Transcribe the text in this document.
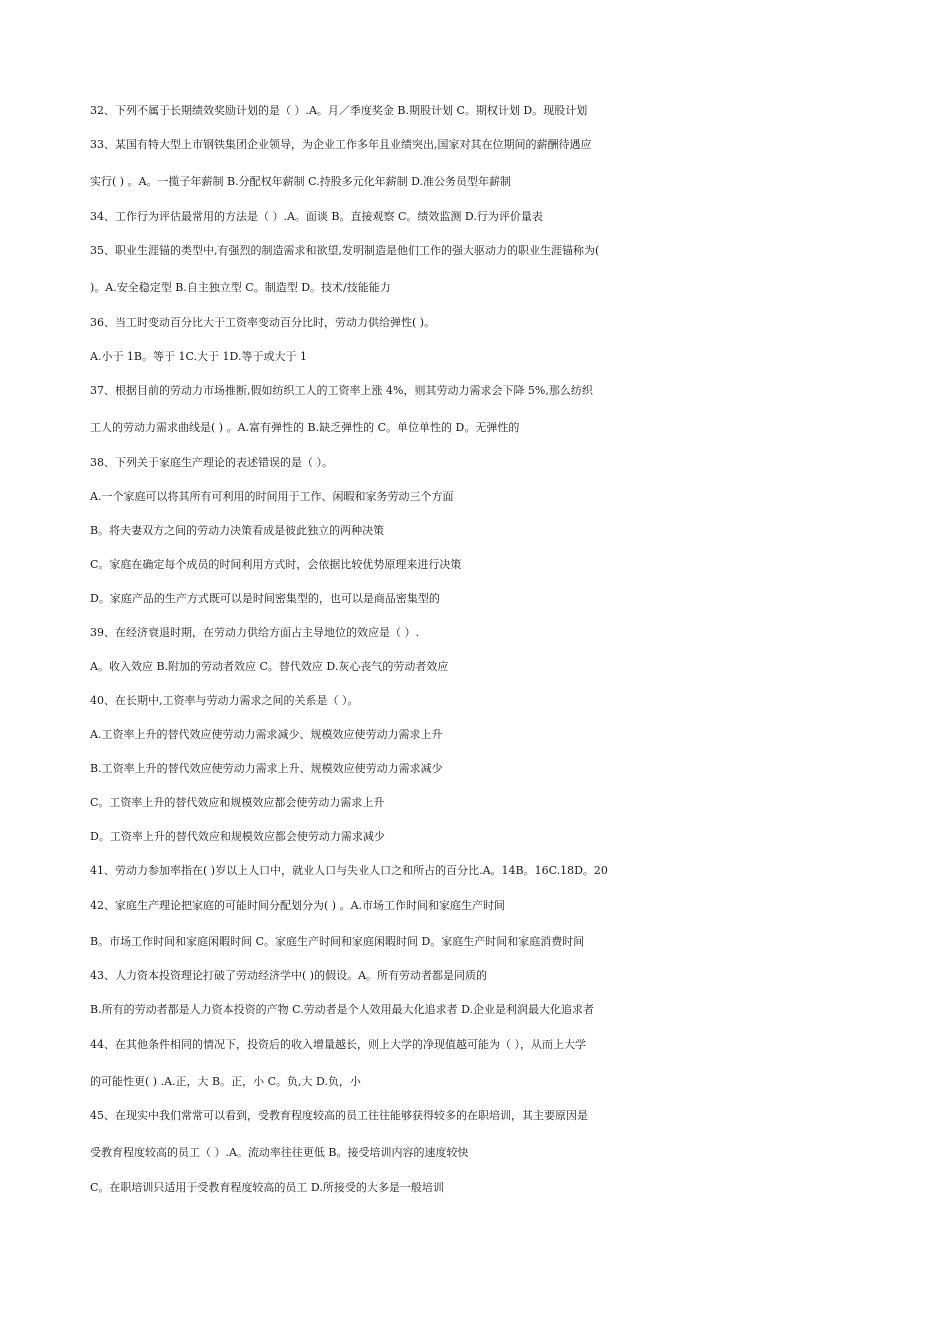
32、下列不属于长期绩效奖励计划的是（ ）.A。月／季度奖金 B.期股计划 C。期权计划 D。现股计划
33、某国有特大型上市钢铁集团企业领导，为企业工作多年且业绩突出,国家对其在位期间的薪酬待遇应
实行( ) 。A。一揽子年薪制 B.分配权年薪制 C.持股多元化年薪制 D.准公务员型年薪制
34、工作行为评估最常用的方法是（ ）.A。面谈 B。直接观察 C。绩效监测 D.行为评价量表
35、职业生涯锚的类型中,有强烈的制造需求和欲望,发明制造是他们工作的强大驱动力的职业生涯锚称为(
)。A.安全稳定型 B.自主独立型 C。制造型 D。技术/技能能力
36、当工时变动百分比大于工资率变动百分比时，劳动力供给弹性( )。
A.小于 1B。等于 1C.大于 1D.等于或大于 1
37、根据目前的劳动力市场推断,假如纺织工人的工资率上涨 4%，则其劳动力需求会下降 5%,那么纺织
工人的劳动力需求曲线是( ) 。A.富有弹性的 B.缺乏弹性的 C。单位单性的 D。无弹性的
38、下列关于家庭生产理论的表述错误的是（ ）。
A.一个家庭可以将其所有可利用的时间用于工作、闲暇和家务劳动三个方面
B。将夫妻双方之间的劳动力决策看成是彼此独立的两种决策
C。家庭在确定每个成员的时间利用方式时，会依据比较优势原理来进行决策
D。家庭产品的生产方式既可以是时间密集型的，也可以是商品密集型的
39、在经济衰退时期，在劳动力供给方面占主导地位的效应是（ ）.
A。收入效应 B.附加的劳动者效应 C。替代效应 D.灰心丧气的劳动者效应
40、在长期中,工资率与劳动力需求之间的关系是（ ）。
A.工资率上升的替代效应使劳动力需求减少、规模效应使劳动力需求上升
B.工资率上升的替代效应使劳动力需求上升、规模效应使劳动力需求减少
C。工资率上升的替代效应和规模效应都会使劳动力需求上升
D。工资率上升的替代效应和规模效应都会使劳动力需求减少
41、劳动力参加率指在( )岁以上人口中，就业人口与失业人口之和所占的百分比.A。14B。16C.18D。20
42、家庭生产理论把家庭的可能时间分配划分为( ) 。A.市场工作时间和家庭生产时间
B。市场工作时间和家庭闲暇时间 C。家庭生产时间和家庭闲暇时间 D。家庭生产时间和家庭消费时间
43、人力资本投资理论打破了劳动经济学中( )的假设。A。所有劳动者都是同质的
B.所有的劳动者都是人力资本投资的产物 C.劳动者是个人效用最大化追求者 D.企业是利润最大化追求者
44、在其他条件相同的情况下，投资后的收入增量越长，则上大学的净现值越可能为（ ），从而上大学
的可能性更( ) .A.正，大 B。正，小 C。负,大 D.负，小
45、在现实中我们常常可以看到，受教育程度较高的员工往往能够获得较多的在职培训，其主要原因是
受教育程度较高的员工（ ）.A。流动率往往更低 B。接受培训内容的速度较快
C。在职培训只适用于受教育程度较高的员工 D.所接受的大多是一般培训
